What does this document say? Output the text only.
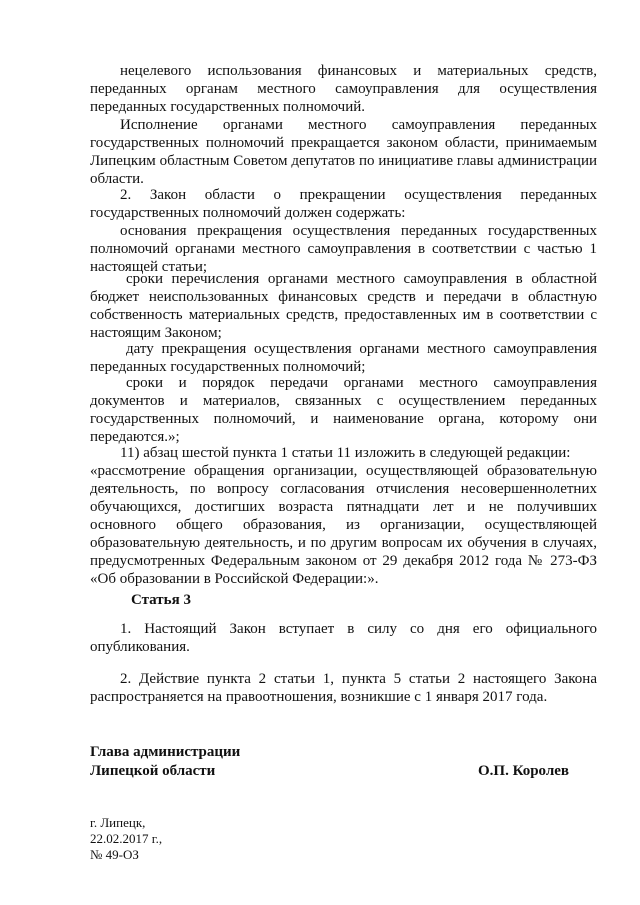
нецелевого использования финансовых и материальных средств, переданных органам местного самоуправления для осуществления переданных государственных полномочий.

Исполнение органами местного самоуправления переданных государственных полномочий прекращается законом области, принимаемым Липецким областным Советом депутатов по инициативе главы администрации области.

2. Закон области о прекращении осуществления переданных государственных полномочий должен содержать:

основания прекращения осуществления переданных государственных полномочий органами местного самоуправления в соответствии с частью 1 настоящей статьи;

сроки перечисления органами местного самоуправления в областной бюджет неиспользованных финансовых средств и передачи в областную собственность материальных средств, предоставленных им в соответствии с настоящим Законом;

дату прекращения осуществления органами местного самоуправления переданных государственных полномочий;

сроки и порядок передачи органами местного самоуправления документов и материалов, связанных с осуществлением переданных государственных полномочий, и наименование органа, которому они передаются.»;

11) абзац шестой пункта 1 статьи 11 изложить в следующей редакции:

«рассмотрение обращения организации, осуществляющей образовательную деятельность, по вопросу согласования отчисления несовершеннолетних обучающихся, достигших возраста пятнадцати лет и не получивших основного общего образования, из организации, осуществляющей образовательную деятельность, и по другим вопросам их обучения в случаях, предусмотренных Федеральным законом от 29 декабря 2012 года № 273-ФЗ «Об образовании в Российской Федерации:».

Статья 3

1. Настоящий Закон вступает в силу со дня его официального опубликования.

2. Действие пункта 2 статьи 1, пункта 5 статьи 2 настоящего Закона распространяется на правоотношения, возникшие с 1 января 2017 года.

Глава администрации
Липецкой области	О.П. Королев
г. Липецк,
22.02.2017 г.,
№ 49-ОЗ
